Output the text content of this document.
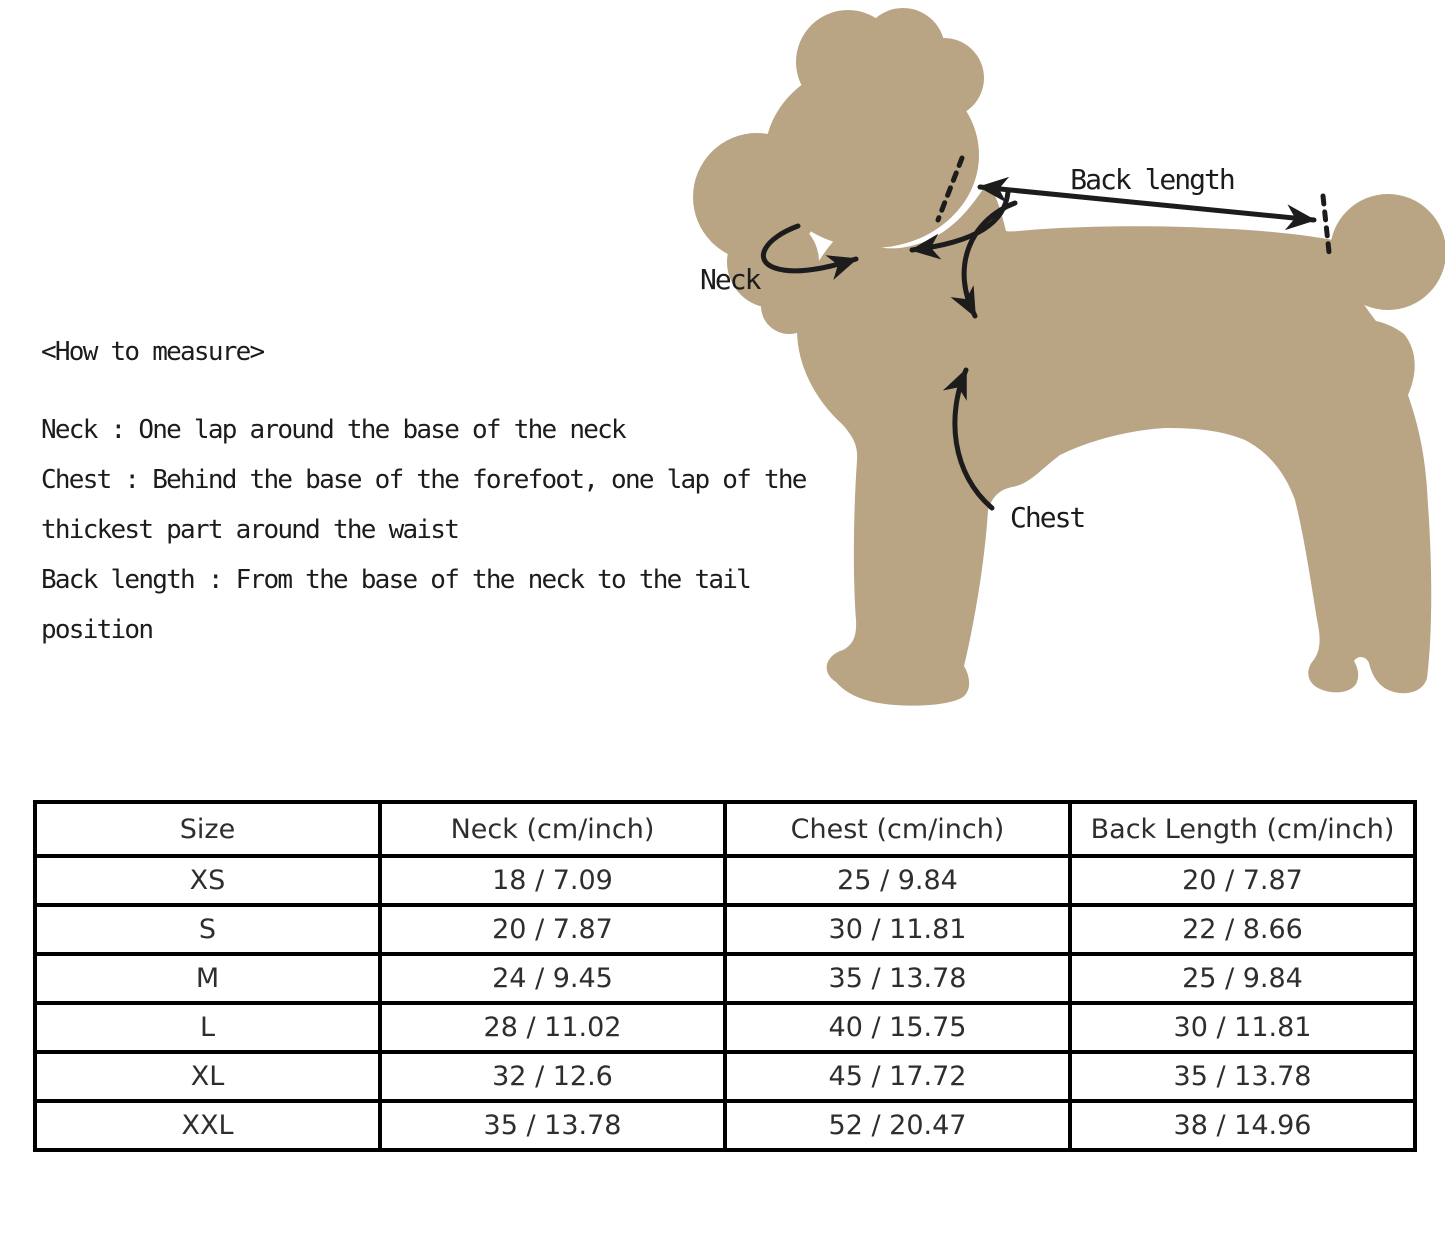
Back length
Neck
Chest
<How to measure>
Neck : One lap around the base of the neck
Chest : Behind the base of the forefoot, one lap of the
thickest part around the waist
Back length : From the base of the neck to the tail
position
Size	Neck (cm/inch)	Chest (cm/inch)	Back Length (cm/inch)
XS	18 / 7.09	25 / 9.84	20 / 7.87
S	20 / 7.87	30 / 11.81	22 / 8.66
M	24 / 9.45	35 / 13.78	25 / 9.84
L	28 / 11.02	40 / 15.75	30 / 11.81
XL	32 / 12.6	45 / 17.72	35 / 13.78
XXL	35 / 13.78	52 / 20.47	38 / 14.96
